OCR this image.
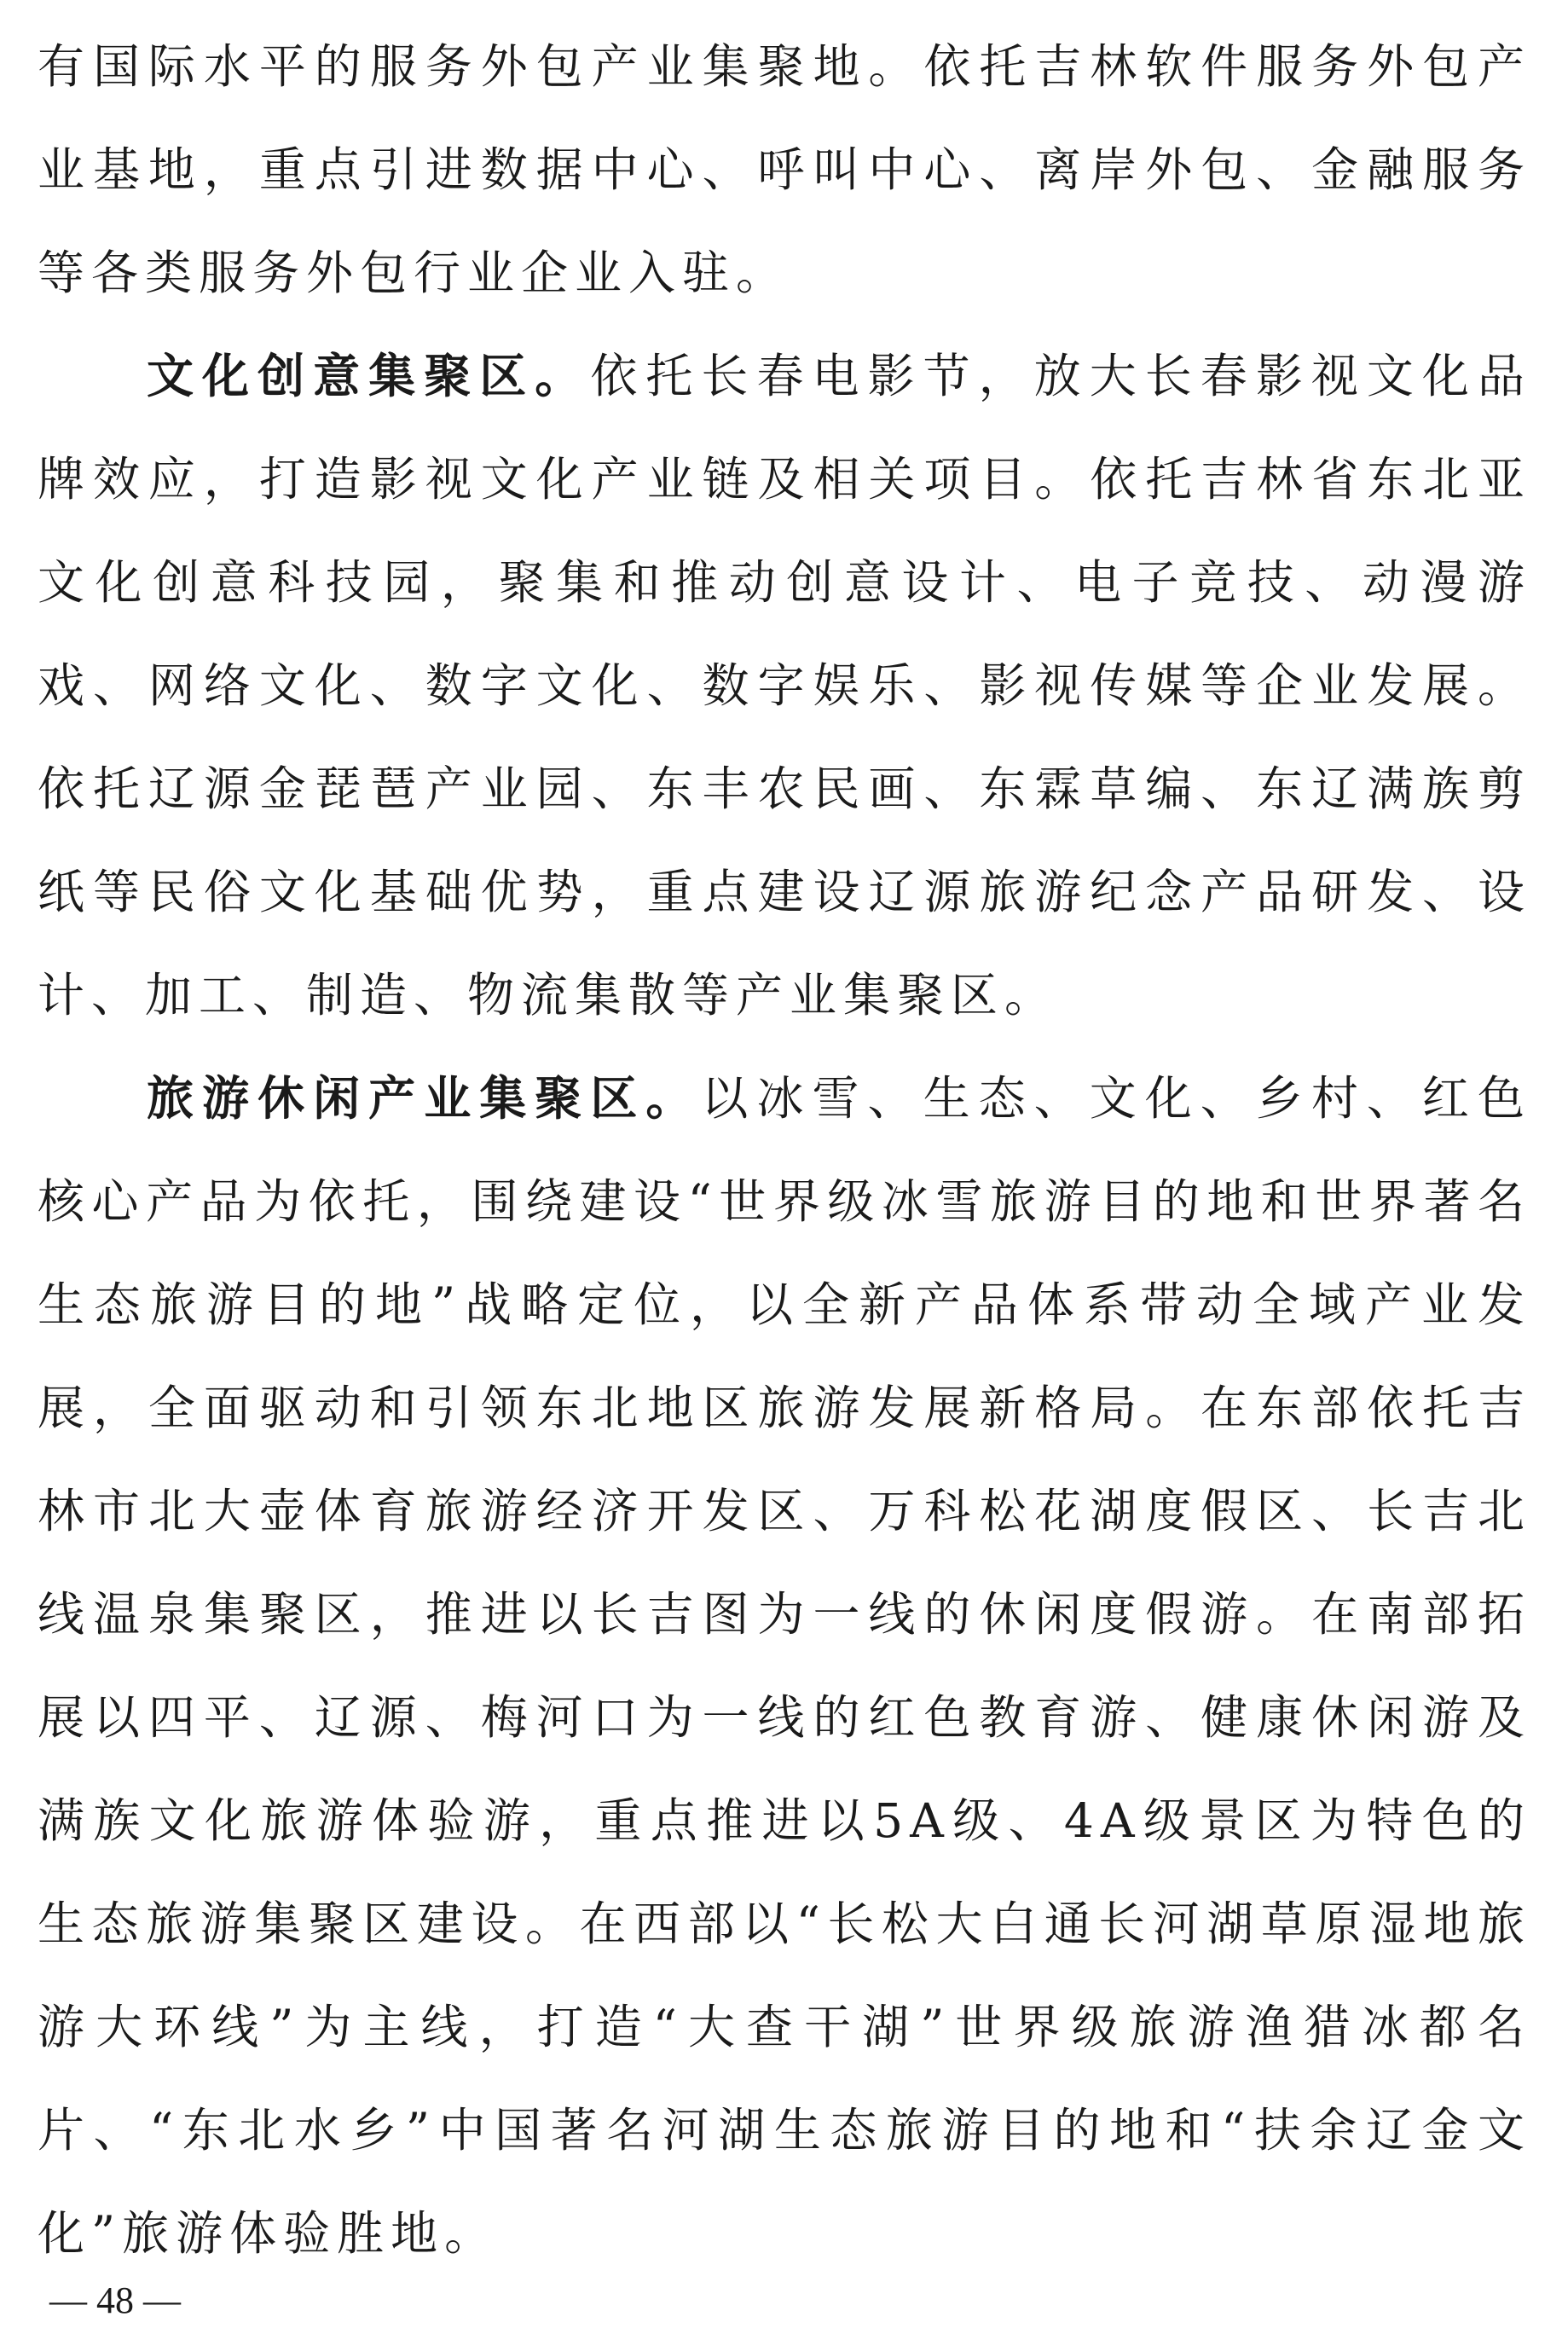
有国际水平的服务外包产业集聚地。依托吉林软件服务外包产业基地，重点引进数据中心、呼叫中心、离岸外包、金融服务等各类服务外包行业企业入驻。

文化创意集聚区。依托长春电影节，放大长春影视文化品牌效应，打造影视文化产业链及相关项目。依托吉林省东北亚文化创意科技园，聚集和推动创意设计、电子竞技、动漫游戏、网络文化、数字文化、数字娱乐、影视传媒等企业发展。依托辽源金琵琶产业园、东丰农民画、东霖草编、东辽满族剪纸等民俗文化基础优势，重点建设辽源旅游纪念产品研发、设计、加工、制造、物流集散等产业集聚区。

旅游休闲产业集聚区。以冰雪、生态、文化、乡村、红色核心产品为依托，围绕建设“世界级冰雪旅游目的地和世界著名生态旅游目的地”战略定位，以全新产品体系带动全域产业发展，全面驱动和引领东北地区旅游发展新格局。在东部依托吉林市北大壶体育旅游经济开发区、万科松花湖度假区、长吉北线温泉集聚区，推进以长吉图为一线的休闲度假游。在南部拓展以四平、辽源、梅河口为一线的红色教育游、健康休闲游及满族文化旅游体验游，重点推进以5A级、4A级景区为特色的生态旅游集聚区建设。在西部以“长松大白通长河湖草原湿地旅游大环线”为主线，打造“大查干湖”世界级旅游渔猎冰都名片、“东北水乡”中国著名河湖生态旅游目的地和“扶余辽金文化”旅游体验胜地。

— 48 —
